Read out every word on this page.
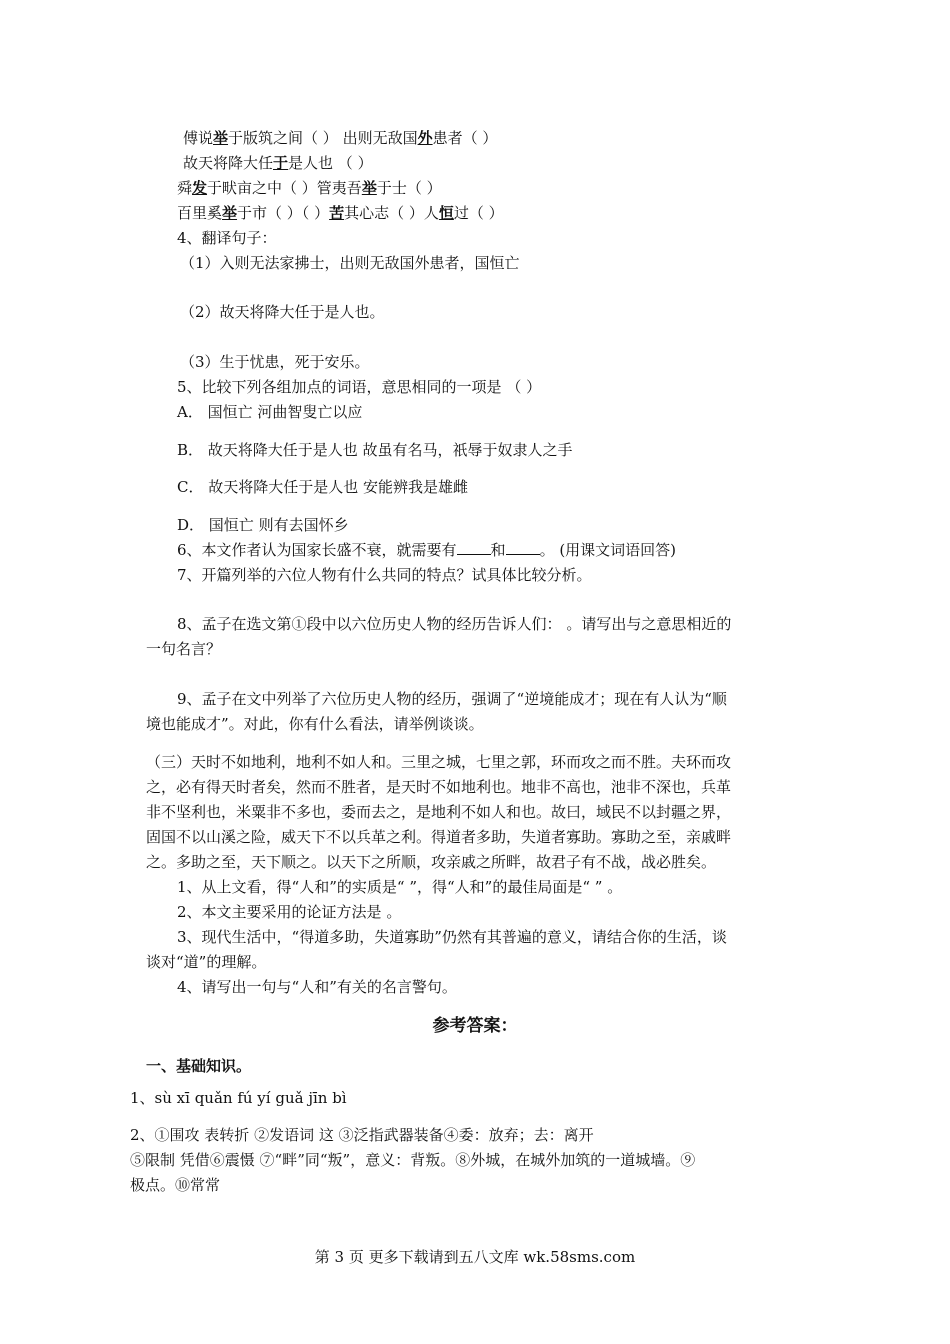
傅说举于版筑之间（ ） 出则无敌国外患者（ ）
故天将降大任于是人也 （ ）
舜发于畎亩之中（ ）管夷吾举于士（ ）
百里奚举于市（ ）（ ）苦其心志（ ）人恒过（ ）
4、翻译句子：
（1）入则无法家拂士，出则无敌国外患者，国恒亡
（2）故天将降大任于是人也。
（3）生于忧患，死于安乐。
5、比较下列各组加点的词语，意思相同的一项是 （ ）
A． 国恒亡 河曲智叟亡以应
B． 故天将降大任于是人也 故虽有名马，祇辱于奴隶人之手
C． 故天将降大任于是人也 安能辨我是雄雌
D． 国恒亡 则有去国怀乡
6、本文作者认为国家长盛不衰，就需要有 和 。 (用课文词语回答)
7、开篇列举的六位人物有什么共同的特点？试具体比较分析。
8、孟子在选文第①段中以六位历史人物的经历告诉人们： 。请写出与之意思相近的
一句名言？
9、孟子在文中列举了六位历史人物的经历，强调了“逆境能成才；现在有人认为“顺
境也能成才”。对此，你有什么看法，请举例谈谈。
（三）天时不如地利，地利不如人和。三里之城，七里之郭，环而攻之而不胜。夫环而攻
之，必有得天时者矣，然而不胜者，是天时不如地利也。地非不高也，池非不深也，兵革
非不坚利也，米粟非不多也，委而去之，是地利不如人和也。故曰，域民不以封疆之界，
固国不以山溪之险，威天下不以兵革之利。得道者多助，失道者寡助。寡助之至，亲戚畔
之。多助之至，天下顺之。以天下之所顺，攻亲戚之所畔，故君子有不战，战必胜矣。
1、从上文看，得“人和”的实质是“ ”，得“人和”的最佳局面是“ ” 。
2、本文主要采用的论证方法是 。
3、现代生活中，“得道多助，失道寡助”仍然有其普遍的意义，请结合你的生活，谈
谈对“道”的理解。
4、请写出一句与“人和”有关的名言警句。
参考答案：
一、基础知识。
1、sù xī quǎn fú yí guǎ jīn bì
2、①围攻 表转折 ②发语词 这 ③泛指武器装备④委：放弃；去：离开
⑤限制 凭借⑥震慑 ⑦“畔”同“叛”，意义：背叛。⑧外城，在城外加筑的一道城墙。⑨
极点。⑩常常
第 3 页 更多下载请到五八文库 wk.58sms.com
